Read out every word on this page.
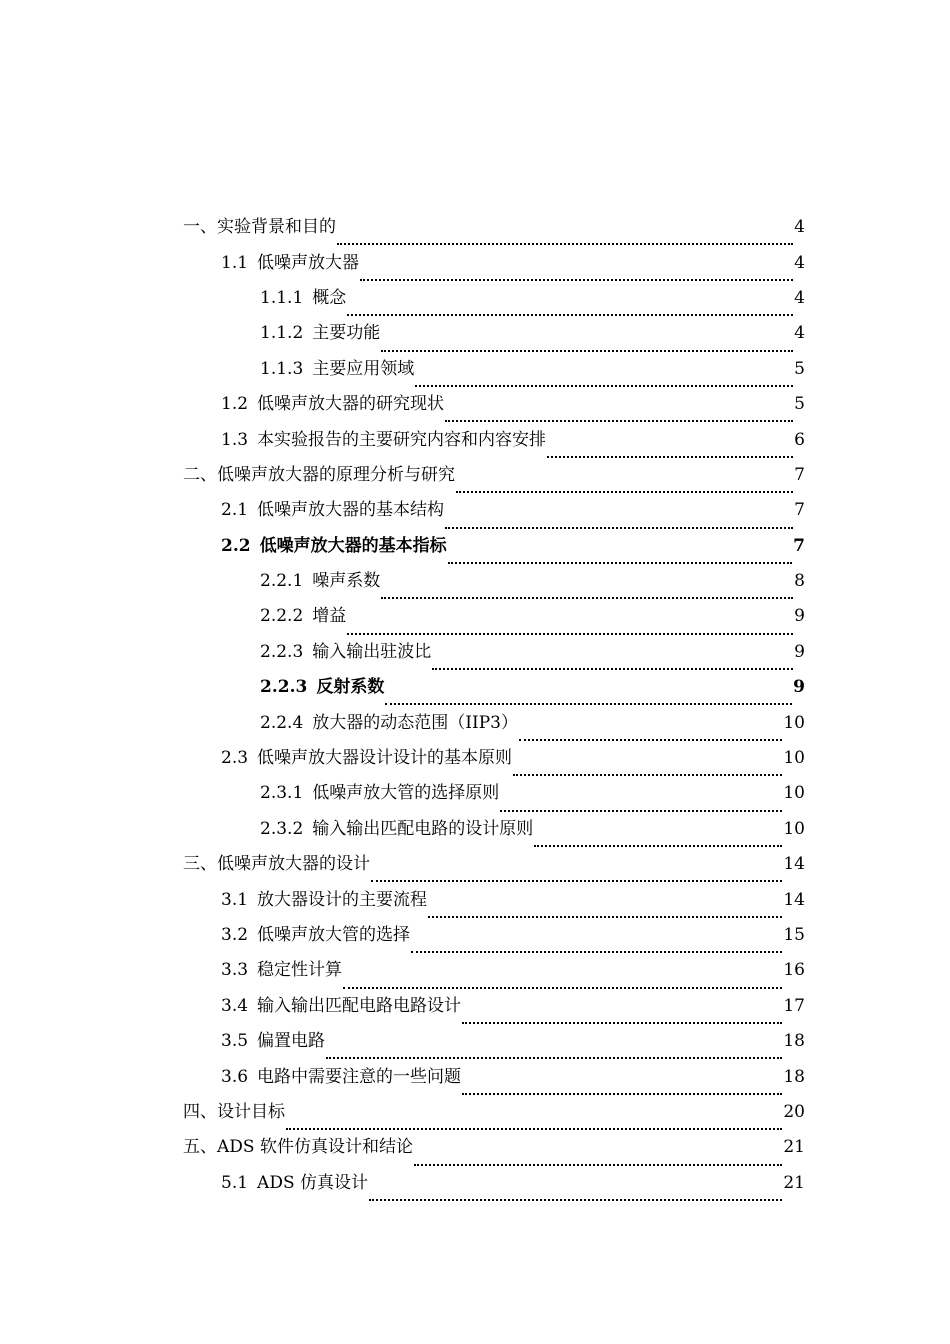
一、 实验背景和目的	4
1.1 低噪声放大器	4
1.1.1 概念	4
1.1.2 主要功能	4
1.1.3 主要应用领域	5
1.2 低噪声放大器的研究现状	5
1.3 本实验报告的主要研究内容和内容安排	6
二、 低噪声放大器的原理分析与研究	7
2.1 低噪声放大器的基本结构	7
2.2 低噪声放大器的基本指标	7
2.2.1 噪声系数	8
2.2.2 增益	9
2.2.3 输入输出驻波比	9
2.2.3 反射系数	9
2.2.4 放大器的动态范围（IIP3）	10
2.3 低噪声放大器设计设计的基本原则	10
2.3.1 低噪声放大管的选择原则	10
2.3.2 输入输出匹配电路的设计原则	10
三、 低噪声放大器的设计	14
3.1 放大器设计的主要流程	14
3.2 低噪声放大管的选择	15
3.3 稳定性计算	16
3.4 输入输出匹配电路电路设计	17
3.5 偏置电路	18
3.6 电路中需要注意的一些问题	18
四、 设计目标	20
五、 ADS 软件仿真设计和结论	21
5.1 ADS 仿真设计	21
